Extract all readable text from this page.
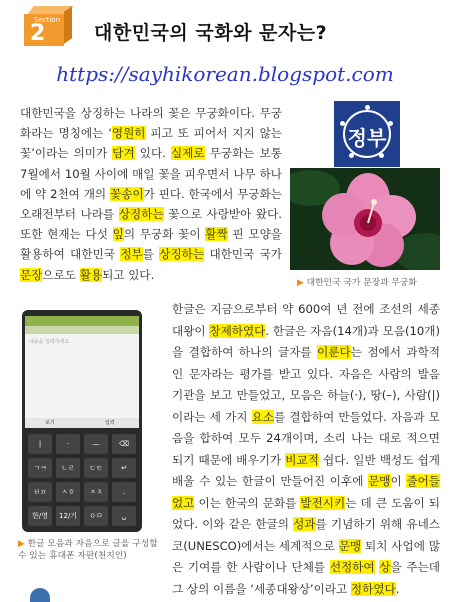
Section
2	대한민국의 국화와 문자는?
https://sayhikorean.blogspot.com
대한민국을 상징하는 나라의 꽃은 무궁화이다. 무궁화라는 명칭에는 ‘영원히 피고 또 피어서 지지 않는 꽃’이라는 의미가 담겨 있다. 실제로 무궁화는 보통 7월에서 10월 사이에 매일 꽃을 피우면서 나무 하나에 약 2천여 개의 꽃송이가 핀다. 한국에서 무궁화는 오래전부터 나라를 상징하는 꽃으로 사랑받아 왔다. 또한 현재는 다섯 잎의 무궁화 꽃이 활짝 핀 모양을 활용하여 대한민국 정부를 상징하는 대한민국 국가 문장으로도 활용되고 있다.
정부
▶ 대한민국 국가 문장과 무궁화
내용을 입력하세요.
보기	입력
|	·	—	⌫
ㄱㅋ	ㄴㄹ	ㄷㅌ	↵
ㅂㅍ	ㅅㅎ	ㅈㅊ	.
한/영	12/기	ㅇㅁ	␣
▶ 한글 모음과 자음으로 글을 구성할 수 있는 휴대폰 자판(천지인)
한글은 지금으로부터 약 600여 년 전에 조선의 세종대왕이 창제하였다. 한글은 자음(14개)과 모음(10개)을 결합하여 하나의 글자를 이룬다는 점에서 과학적인 문자라는 평가를 받고 있다. 자음은 사람의 발음 기관을 보고 만들었고, 모음은 하늘(·), 땅(–), 사람(|)이라는 세 가지 요소를 결합하여 만들었다. 자음과 모음을 합하여 모두 24개이며, 소리 나는 대로 적으면 되기 때문에 배우기가 비교적 쉽다. 일반 백성도 쉽게 배울 수 있는 한글이 만들어진 이후에 문맹이 줄어들었고 이는 한국의 문화를 발전시키는 데 큰 도움이 되었다. 이와 같은 한글의 성과를 기념하기 위해 유네스코(UNESCO)에서는 세계적으로 문맹 퇴치 사업에 많은 기여를 한 사람이나 단체를 선정하여 상을 주는데 그 상의 이름을 ‘세종대왕상’이라고 정하였다.
